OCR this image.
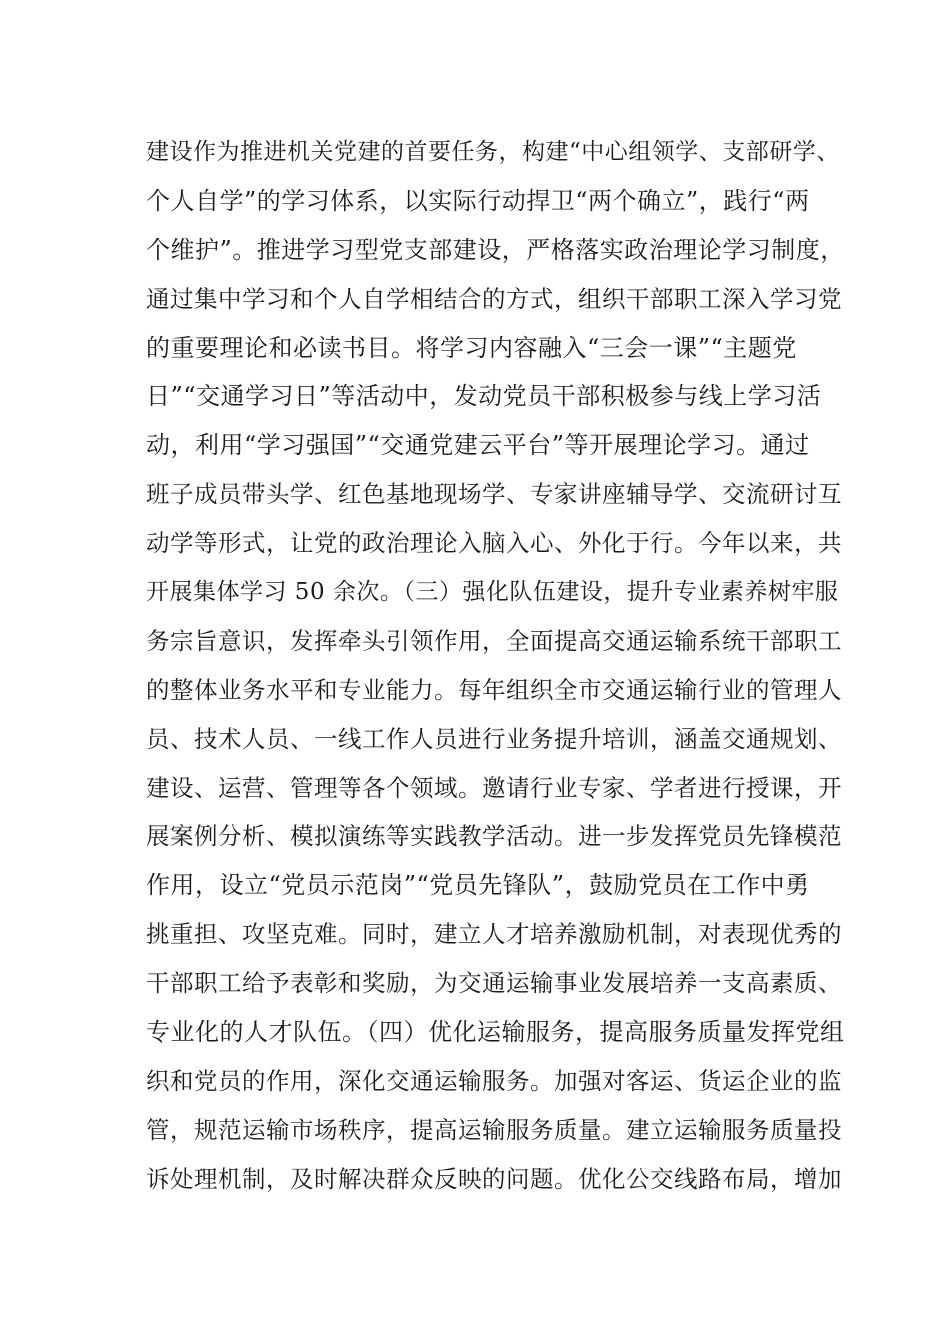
建设作为推进机关党建的首要任务，构建“中心组领学、支部研学、
个人自学”的学习体系，以实际行动捍卫“两个确立”，践行“两
个维护”。推进学习型党支部建设，严格落实政治理论学习制度，
通过集中学习和个人自学相结合的方式，组织干部职工深入学习党
的重要理论和必读书目。将学习内容融入“三会一课”“主题党
日”“交通学习日”等活动中，发动党员干部积极参与线上学习活
动，利用“学习强国”“交通党建云平台”等开展理论学习。通过
班子成员带头学、红色基地现场学、专家讲座辅导学、交流研讨互
动学等形式，让党的政治理论入脑入心、外化于行。今年以来，共
开展集体学习 50 余次。（三）强化队伍建设，提升专业素养树牢服
务宗旨意识，发挥牵头引领作用，全面提高交通运输系统干部职工
的整体业务水平和专业能力。每年组织全市交通运输行业的管理人
员、技术人员、一线工作人员进行业务提升培训，涵盖交通规划、
建设、运营、管理等各个领域。邀请行业专家、学者进行授课，开
展案例分析、模拟演练等实践教学活动。进一步发挥党员先锋模范
作用，设立“党员示范岗”“党员先锋队”，鼓励党员在工作中勇
挑重担、攻坚克难。同时，建立人才培养激励机制，对表现优秀的
干部职工给予表彰和奖励，为交通运输事业发展培养一支高素质、
专业化的人才队伍。（四）优化运输服务，提高服务质量发挥党组
织和党员的作用，深化交通运输服务。加强对客运、货运企业的监
管，规范运输市场秩序，提高运输服务质量。建立运输服务质量投
诉处理机制，及时解决群众反映的问题。优化公交线路布局，增加
